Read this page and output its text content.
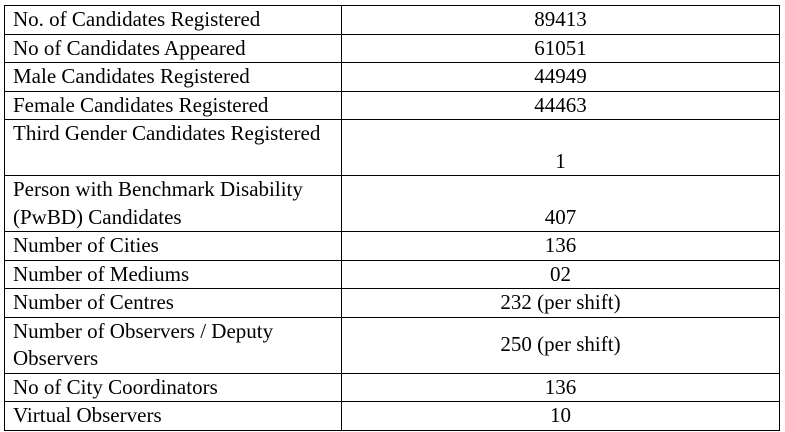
No. of Candidates Registered	89413
No of Candidates Appeared	61051
Male Candidates Registered	44949
Female Candidates Registered	44463
Third Gender Candidates Registered	1
Person with Benchmark Disability (PwBD) Candidates	407
Number of Cities	136
Number of Mediums	02
Number of Centres	232 (per shift)
Number of Observers / Deputy Observers	250 (per shift)
No of City Coordinators	136
Virtual Observers	10
